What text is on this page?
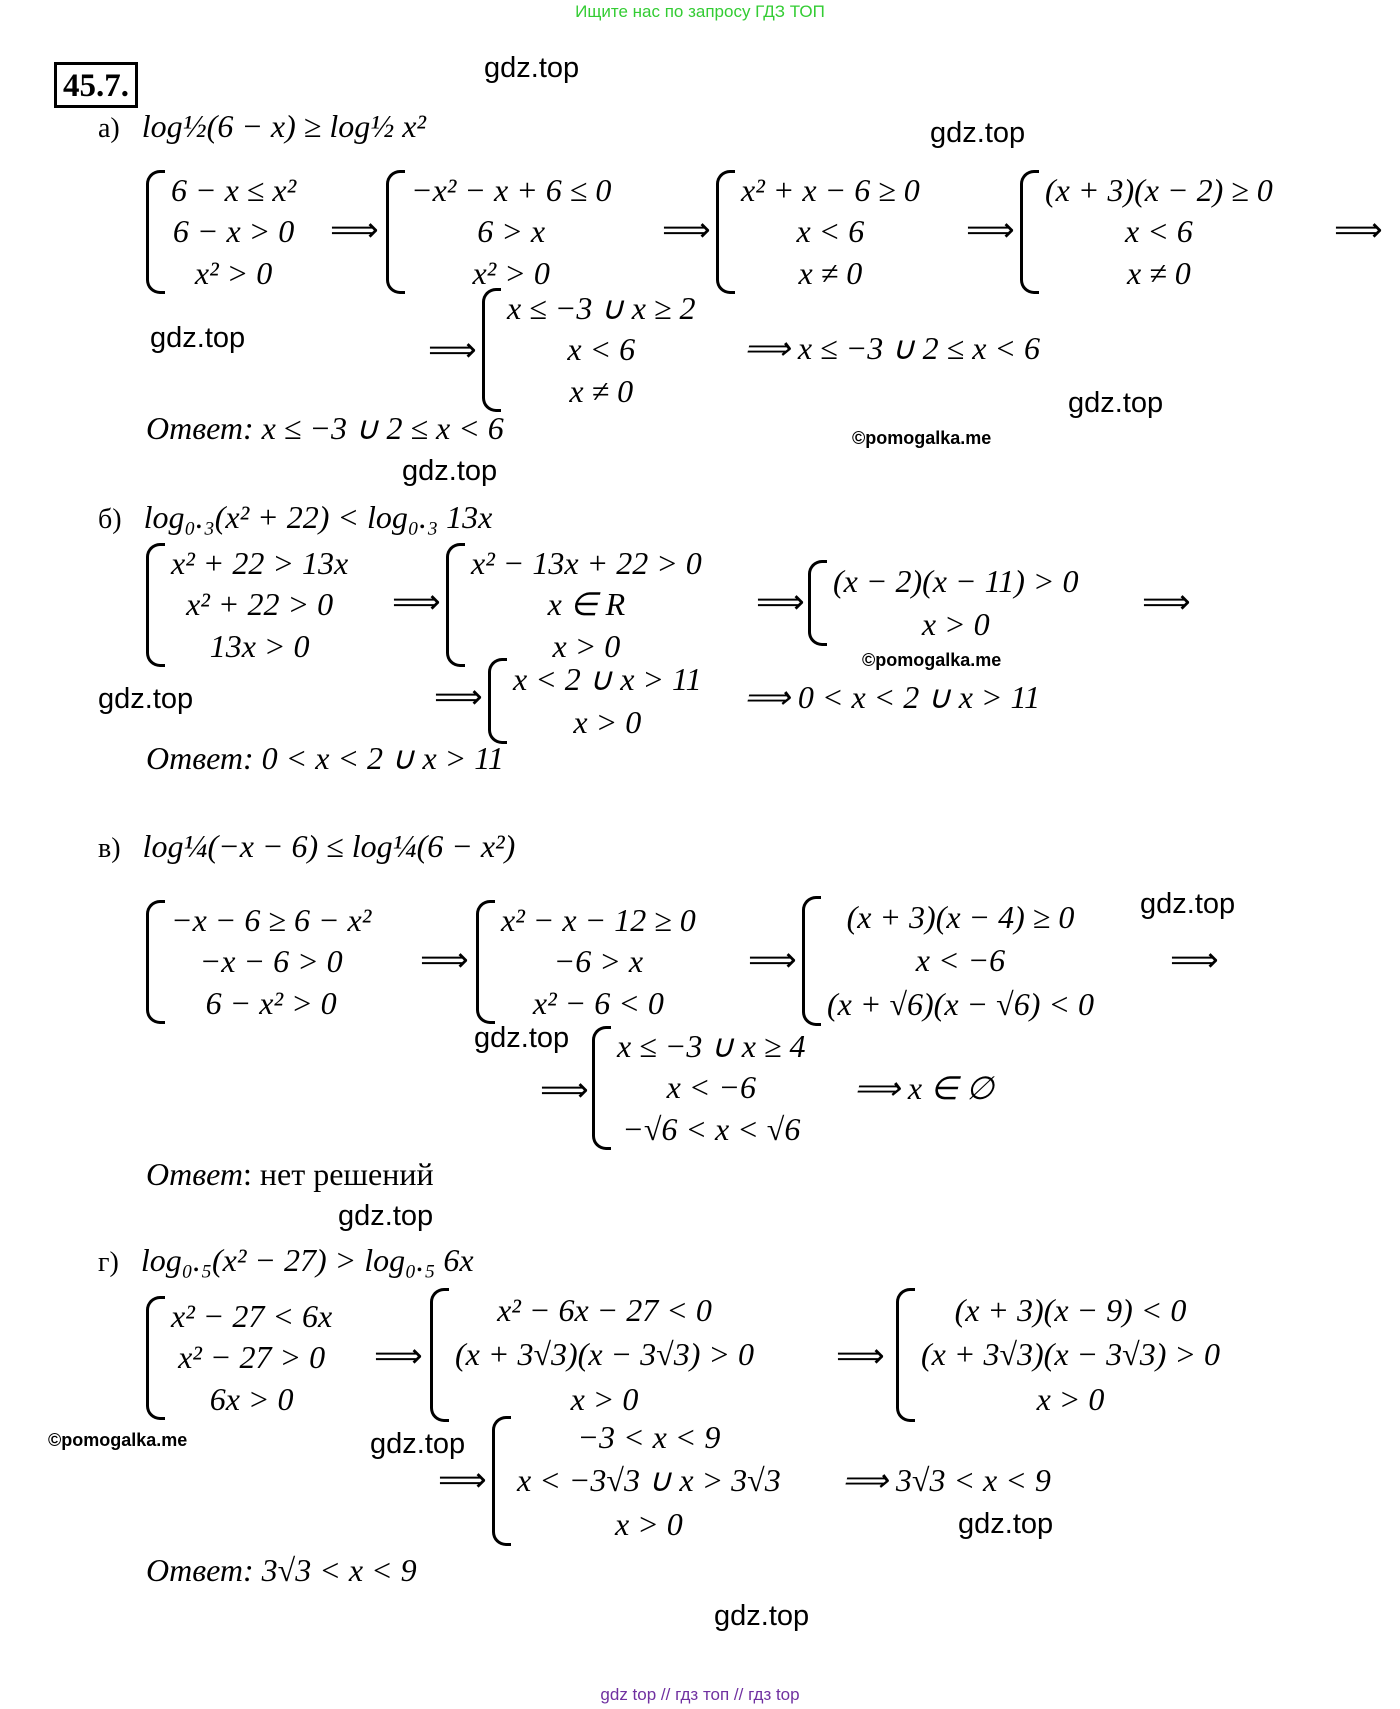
Ищите нас по запросу ГДЗ ТОП
45.7.	gdz.top
gdz.top
gdz.top
gdz.top
gdz.top
gdz.top
gdz.top
gdz.top
gdz.top
gdz.top
gdz.top
gdz.top
©pomogalka.me
©pomogalka.me
©pomogalka.me
а) log½(6 − x) ≥ log½ x²
6 − x ≤ x²
6 − x > 0
x² > 0
⟹
−x² − x + 6 ≤ 0
6 > x
x² > 0
⟹
x² + x − 6 ≥ 0
x < 6
x ≠ 0
⟹
(x + 3)(x − 2) ≥ 0
x < 6
x ≠ 0
⟹
⟹
x ≤ −3 ∪ x ≥ 2
x < 6
x ≠ 0
⟹ x ≤ −3 ∪ 2 ≤ x < 6
Ответ: x ≤ −3 ∪ 2 ≤ x < 6
б) log₀.₃(x² + 22) < log₀.₃ 13x
x² + 22 > 13x
x² + 22 > 0
13x > 0
⟹
x² − 13x + 22 > 0
x ∈ R
x > 0
⟹
(x − 2)(x − 11) > 0
x > 0
⟹
⟹ x < 2 ∪ x > 11
x > 0
⟹ 0 < x < 2 ∪ x > 11
Ответ: 0 < x < 2 ∪ x > 11
в) log¼(−x − 6) ≤ log¼(6 − x²)
−x − 6 ≥ 6 − x²
−x − 6 > 0
6 − x² > 0
⟹
x² − x − 12 ≥ 0
−6 > x
x² − 6 < 0
⟹
(x + 3)(x − 4) ≥ 0
x < −6
(x + √6)(x − √6) < 0
⟹
⟹
x ≤ −3 ∪ x ≥ 4
x < −6
−√6 < x < √6
⟹ x ∈ ∅
Ответ: нет решений
г) log₀.₅(x² − 27) > log₀.₅ 6x
x² − 27 < 6x
x² − 27 > 0
6x > 0
⟹
x² − 6x − 27 < 0
(x + 3√3)(x − 3√3) > 0
x > 0
⟹
(x + 3)(x − 9) < 0
(x + 3√3)(x − 3√3) > 0
x > 0
⟹
−3 < x < 9
x < −3√3 ∪ x > 3√3
x > 0
⟹ 3√3 < x < 9
Ответ: 3√3 < x < 9
gdz top // гдз топ // гдз top
